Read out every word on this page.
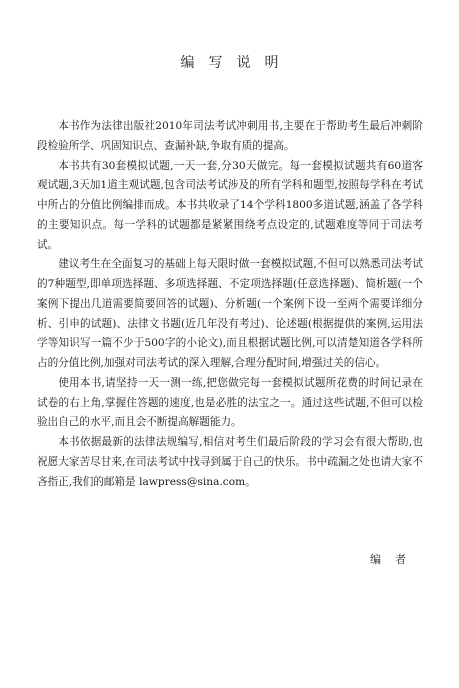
编写说明

本书作为法律出版社2010年司法考试冲刺用书,主要在于帮助考生最后冲刺阶段检验所学、巩固知识点、查漏补缺,争取有质的提高。

本书共有30套模拟试题,一天一套,分30天做完。每一套模拟试题共有60道客观试题,3天加1道主观试题,包含司法考试涉及的所有学科和题型,按照每学科在考试中所占的分值比例编排而成。本书共收录了14个学科1800多道试题,涵盖了各学科的主要知识点。每一学科的试题都是紧紧围绕考点设定的,试题难度等同于司法考试。

建议考生在全面复习的基础上每天限时做一套模拟试题,不但可以熟悉司法考试的7种题型,即单项选择题、多项选择题、不定项选择题(任意选择题)、简析题(一个案例下提出几道需要简要回答的试题)、分析题(一个案例下设一至两个需要详细分析、引申的试题)、法律文书题(近几年没有考过)、论述题(根据提供的案例,运用法学等知识写一篇不少于500字的小论文),而且根据试题比例,可以清楚知道各学科所占的分值比例,加强对司法考试的深入理解,合理分配时间,增强过关的信心。

使用本书,请坚持一天一测一练,把您做完每一套模拟试题所花费的时间记录在试卷的右上角,掌握住答题的速度,也是必胜的法宝之一。通过这些试题,不但可以检验出自己的水平,而且会不断提高解题能力。

本书依据最新的法律法规编写,相信对考生们最后阶段的学习会有很大帮助,也祝愿大家苦尽甘来,在司法考试中找寻到属于自己的快乐。书中疏漏之处也请大家不吝指正,我们的邮箱是 lawpress@sina.com。

编者
